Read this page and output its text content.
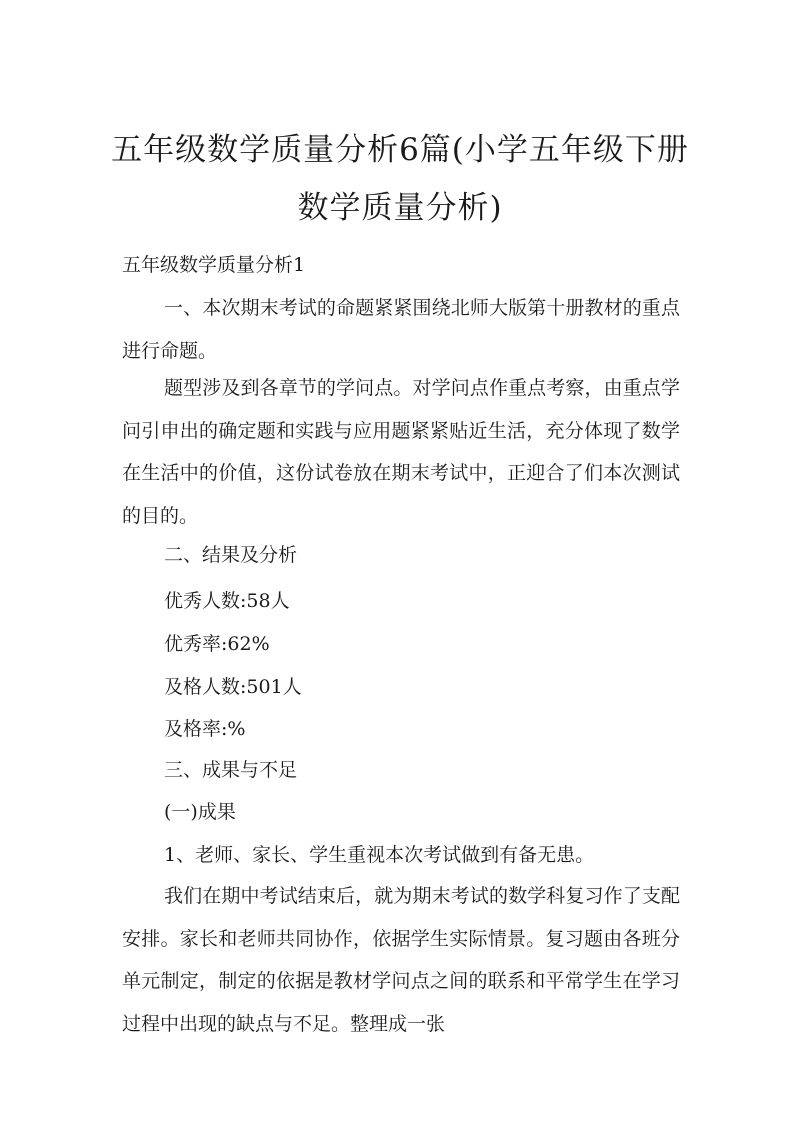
五年级数学质量分析6篇(小学五年级下册数学质量分析)

五年级数学质量分析1

一、本次期末考试的命题紧紧围绕北师大版第十册教材的重点进行命题。

题型涉及到各章节的学问点。对学问点作重点考察，由重点学问引申出的确定题和实践与应用题紧紧贴近生活，充分体现了数学在生活中的价值，这份试卷放在期末考试中，正迎合了们本次测试的目的。

二、结果及分析

优秀人数:58人

优秀率:62%

及格人数:501人

及格率:%

三、成果与不足

(一)成果

1、老师、家长、学生重视本次考试做到有备无患。

我们在期中考试结束后，就为期末考试的数学科复习作了支配安排。家长和老师共同协作，依据学生实际情景。复习题由各班分单元制定，制定的依据是教材学问点之间的联系和平常学生在学习过程中出现的缺点与不足。整理成一张
